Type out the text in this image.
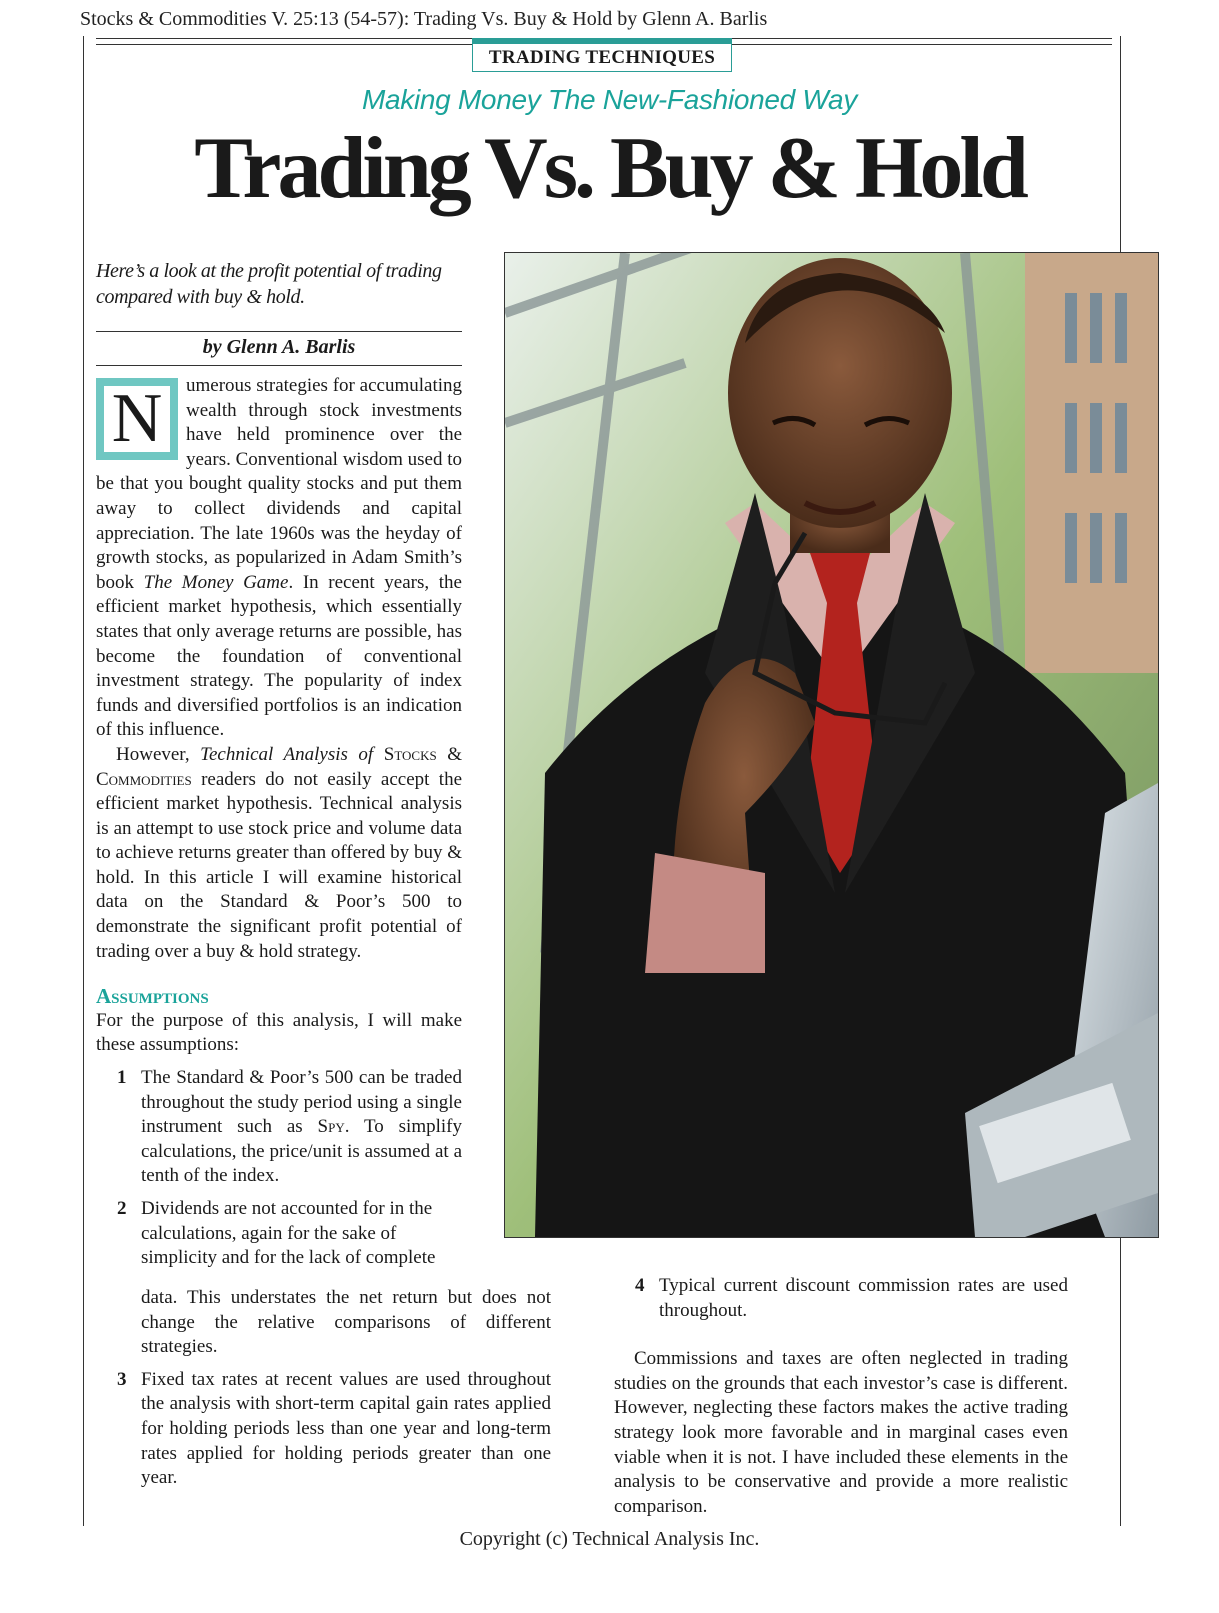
Stocks & Commodities V. 25:13 (54-57): Trading Vs. Buy & Hold by Glenn A. Barlis
TRADING TECHNIQUES
Making Money The New-Fashioned Way
Trading Vs. Buy & Hold
Here’s a look at the profit potential of trading compared with buy & hold.
by Glenn A. Barlis

N	umerous strategies for accumulating wealth through stock investments have held prominence over the years. Conventional wisdom used to be that you bought quality stocks and put them away to collect dividends and capital appreciation. The late 1960s was the heyday of growth stocks, as popularized in Adam Smith’s book The Money Game. In recent years, the efficient market hypothesis, which essentially states that only average returns are possible, has become the foundation of conventional investment strategy. The popularity of index funds and diversified portfolios is an indication of this influence.

However, Technical Analysis of Stocks & Commodities readers do not easily accept the efficient market hypothesis. Technical analysis is an attempt to use stock price and volume data to achieve returns greater than offered by buy & hold. In this article I will examine historical data on the Standard & Poor’s 500 to demonstrate the significant profit potential of trading over a buy & hold strategy.

Assumptions

For the purpose of this analysis, I will make these assumptions:

1 The Standard & Poor’s 500 can be traded throughout the study period using a single instrument such as Spy. To simplify calculations, the price/unit is assumed at a tenth of the index.

2 Dividends are not accounted for in the calculations, again for the sake of simplicity and for the lack of complete

data. This understates the net return but does not change the relative comparisons of different strategies.

3 Fixed tax rates at recent values are used throughout the analysis with short-term capital gain rates applied for holding periods less than one year and long-term rates applied for holding periods greater than one year.

4 Typical current discount commission rates are used throughout.

Commissions and taxes are often neglected in trading studies on the grounds that each investor’s case is different. However, neglecting these factors makes the active trading strategy look more favorable and in marginal cases even viable when it is not. I have included these elements in the analysis to be conservative and provide a more realistic comparison.

Copyright (c) Technical Analysis Inc.
